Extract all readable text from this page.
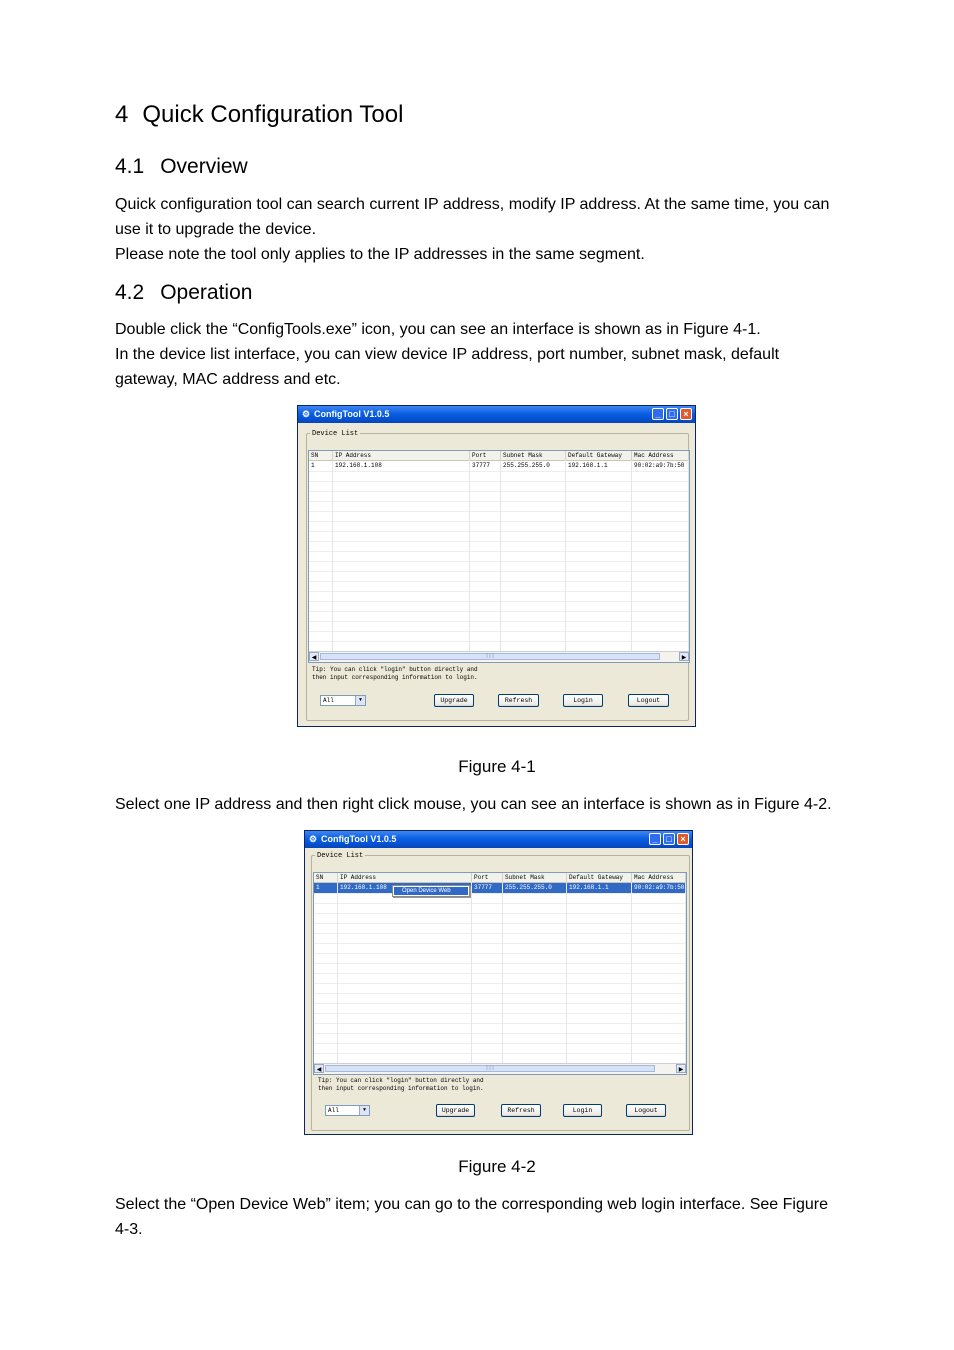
4 Quick Configuration Tool
4.1 Overview

Quick configuration tool can search current IP address, modify IP address. At the same time, you can

use it to upgrade the device.

Please note the tool only applies to the IP addresses in the same segment.

4.2 Operation

Double click the “ConfigTools.exe” icon, you can see an interface is shown as in Figure 4-1.

In the device list interface, you can view device IP address, port number, subnet mask, default

gateway, MAC address and etc.

⚙ ConfigTool V1.0.5	_ □ ×
Device List
SN	IP Address	Port	Subnet Mask	Default Gateway	Mac Address
1	192.168.1.108	37777	255.255.255.0	192.168.1.1	90:02:a9:7b:50
◀	|||	▶
Tip: You can click "login" button directly and
then input corresponding information to login.
All	▼	Upgrade	Refresh	Login	Logout

Figure 4-1

Select one IP address and then right click mouse, you can see an interface is shown as in Figure 4-2.

⚙ ConfigTool V1.0.5	_ □ ×
Device List
SN	IP Address	Port	Subnet Mask	Default Gateway	Mac Address
1	192.168.1.108	37777	255.255.255.0	192.168.1.1	90:02:a9:7b:50
◀	|||	▶
Open Device Web
Tip: You can click "login" button directly and
then input corresponding information to login.
All	▼	Upgrade	Refresh	Login	Logout

Figure 4-2

Select the “Open Device Web” item; you can go to the corresponding web login interface. See Figure

4-3.
